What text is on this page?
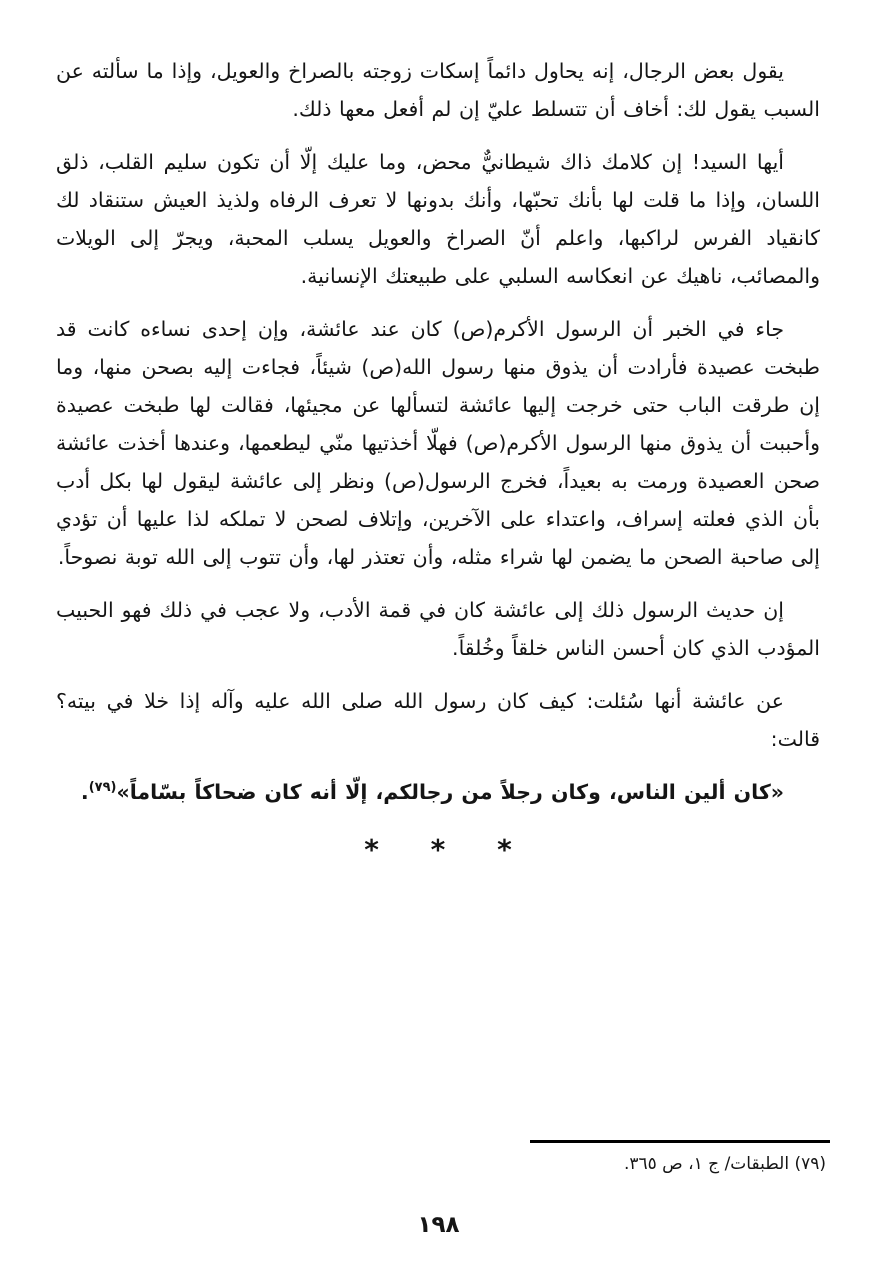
يقول بعض الرجال، إنه يحاول دائماً إسكات زوجته بالصراخ والعويل، وإذا ما سألته عن السبب يقول لك: أخاف أن تتسلط عليّ إن لم أفعل معها ذلك.

أيها السيد! إن كلامك ذاك شيطانيٌّ محض، وما عليك إلّا أن تكون سليم القلب، ذلق اللسان، وإذا ما قلت لها بأنك تحبّها، وأنك بدونها لا تعرف الرفاه ولذيذ العيش ستنقاد لك كانقياد الفرس لراكبها، واعلم أنّ الصراخ والعويل يسلب المحبة، ويجرّ إلى الويلات والمصائب، ناهيك عن انعكاسه السلبي على طبيعتك الإنسانية.

جاء في الخبر أن الرسول الأكرم(ص) كان عند عائشة، وإن إحدى نساءه كانت قد طبخت عصيدة فأرادت أن يذوق منها رسول الله(ص) شيئاً، فجاءت إليه بصحن منها، وما إن طرقت الباب حتى خرجت إليها عائشة لتسألها عن مجيئها، فقالت لها طبخت عصيدة وأحببت أن يذوق منها الرسول الأكرم(ص) فهلّا أخذتيها منّي ليطعمها، وعندها أخذت عائشة صحن العصيدة ورمت به بعيداً، فخرج الرسول(ص) ونظر إلى عائشة ليقول لها بكل أدب بأن الذي فعلته إسراف، واعتداء على الآخرين، وإتلاف لصحن لا تملكه لذا عليها أن تؤدي إلى صاحبة الصحن ما يضمن لها شراء مثله، وأن تعتذر لها، وأن تتوب إلى الله توبة نصوحاً.

إن حديث الرسول ذلك إلى عائشة كان في قمة الأدب، ولا عجب في ذلك فهو الحبيب المؤدب الذي كان أحسن الناس خلقاً وخُلقاً.

عن عائشة أنها سُئلت: كيف كان رسول الله صلى الله عليه وآله إذا خلا في بيته؟ قالت:

«كان ألين الناس، وكان رجلاً من رجالكم، إلّا أنه كان ضحاكاً بسّاماً»$^{(٧٩)}$.

* * *
(٧٩) الطبقات/ ج ١، ص ٣٦٥.
١٩٨
